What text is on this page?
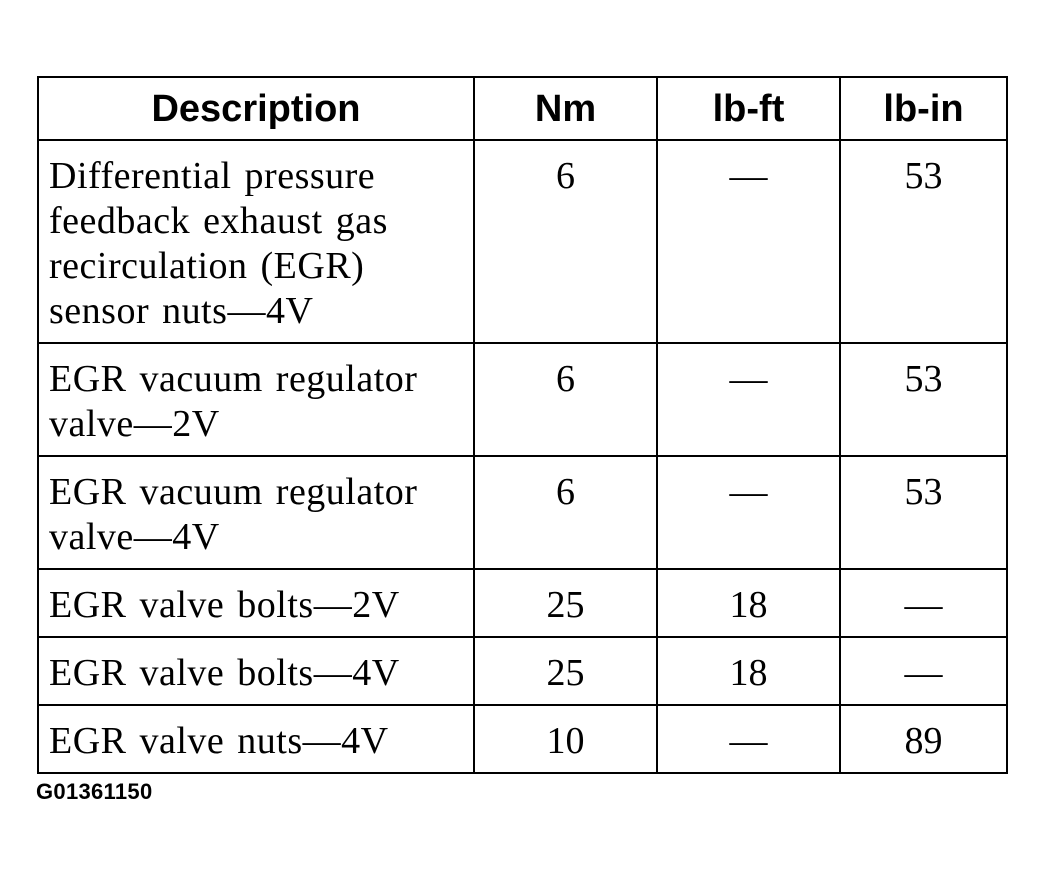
Description	Nm	lb-ft	lb-in
Differential pressure feedback exhaust gas recirculation (EGR) sensor nuts—4V	6	—	53
EGR vacuum regulator valve—2V	6	—	53
EGR vacuum regulator valve—4V	6	—	53
EGR valve bolts—2V	25	18	—
EGR valve bolts—4V	25	18	—
EGR valve nuts—4V	10	—	89
G01361150
